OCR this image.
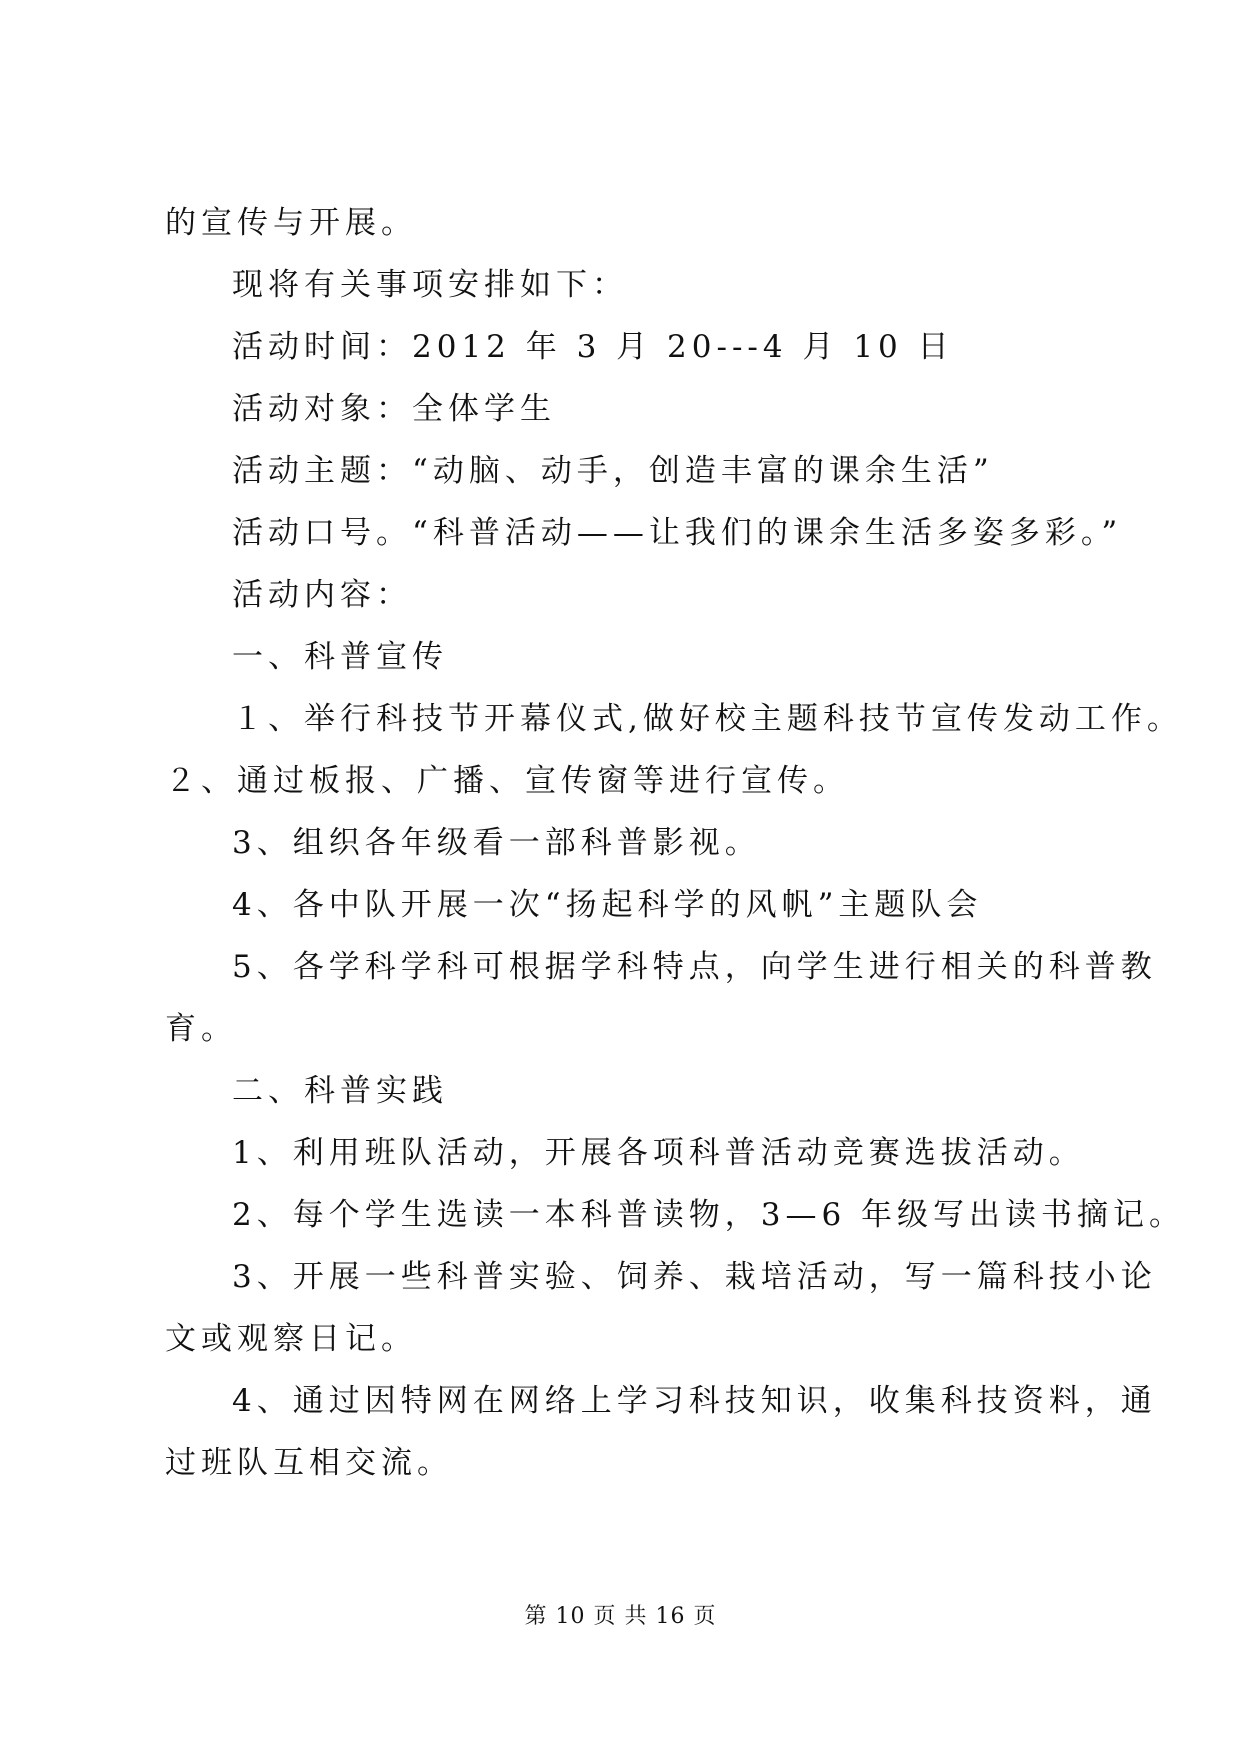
的宣传与开展。
现将有关事项安排如下：
活动时间：2012 年 3 月 20---4 月 10 日
活动对象：全体学生
活动主题：“动脑、动手，创造丰富的课余生活”
活动口号。“科普活动——让我们的课余生活多姿多彩。”
活动内容：
一、科普宣传
１、举行科技节开幕仪式,做好校主题科技节宣传发动工作。
２、通过板报、广播、宣传窗等进行宣传。
3、组织各年级看一部科普影视。
4、各中队开展一次“扬起科学的风帆”主题队会
5、各学科学科可根据学科特点，向学生进行相关的科普教
育。
二、科普实践
1、利用班队活动，开展各项科普活动竞赛选拔活动。
2、每个学生选读一本科普读物，3—6 年级写出读书摘记。
3、开展一些科普实验、饲养、栽培活动，写一篇科技小论
文或观察日记。
4、通过因特网在网络上学习科技知识，收集科技资料，通
过班队互相交流。
第 10 页 共 16 页
